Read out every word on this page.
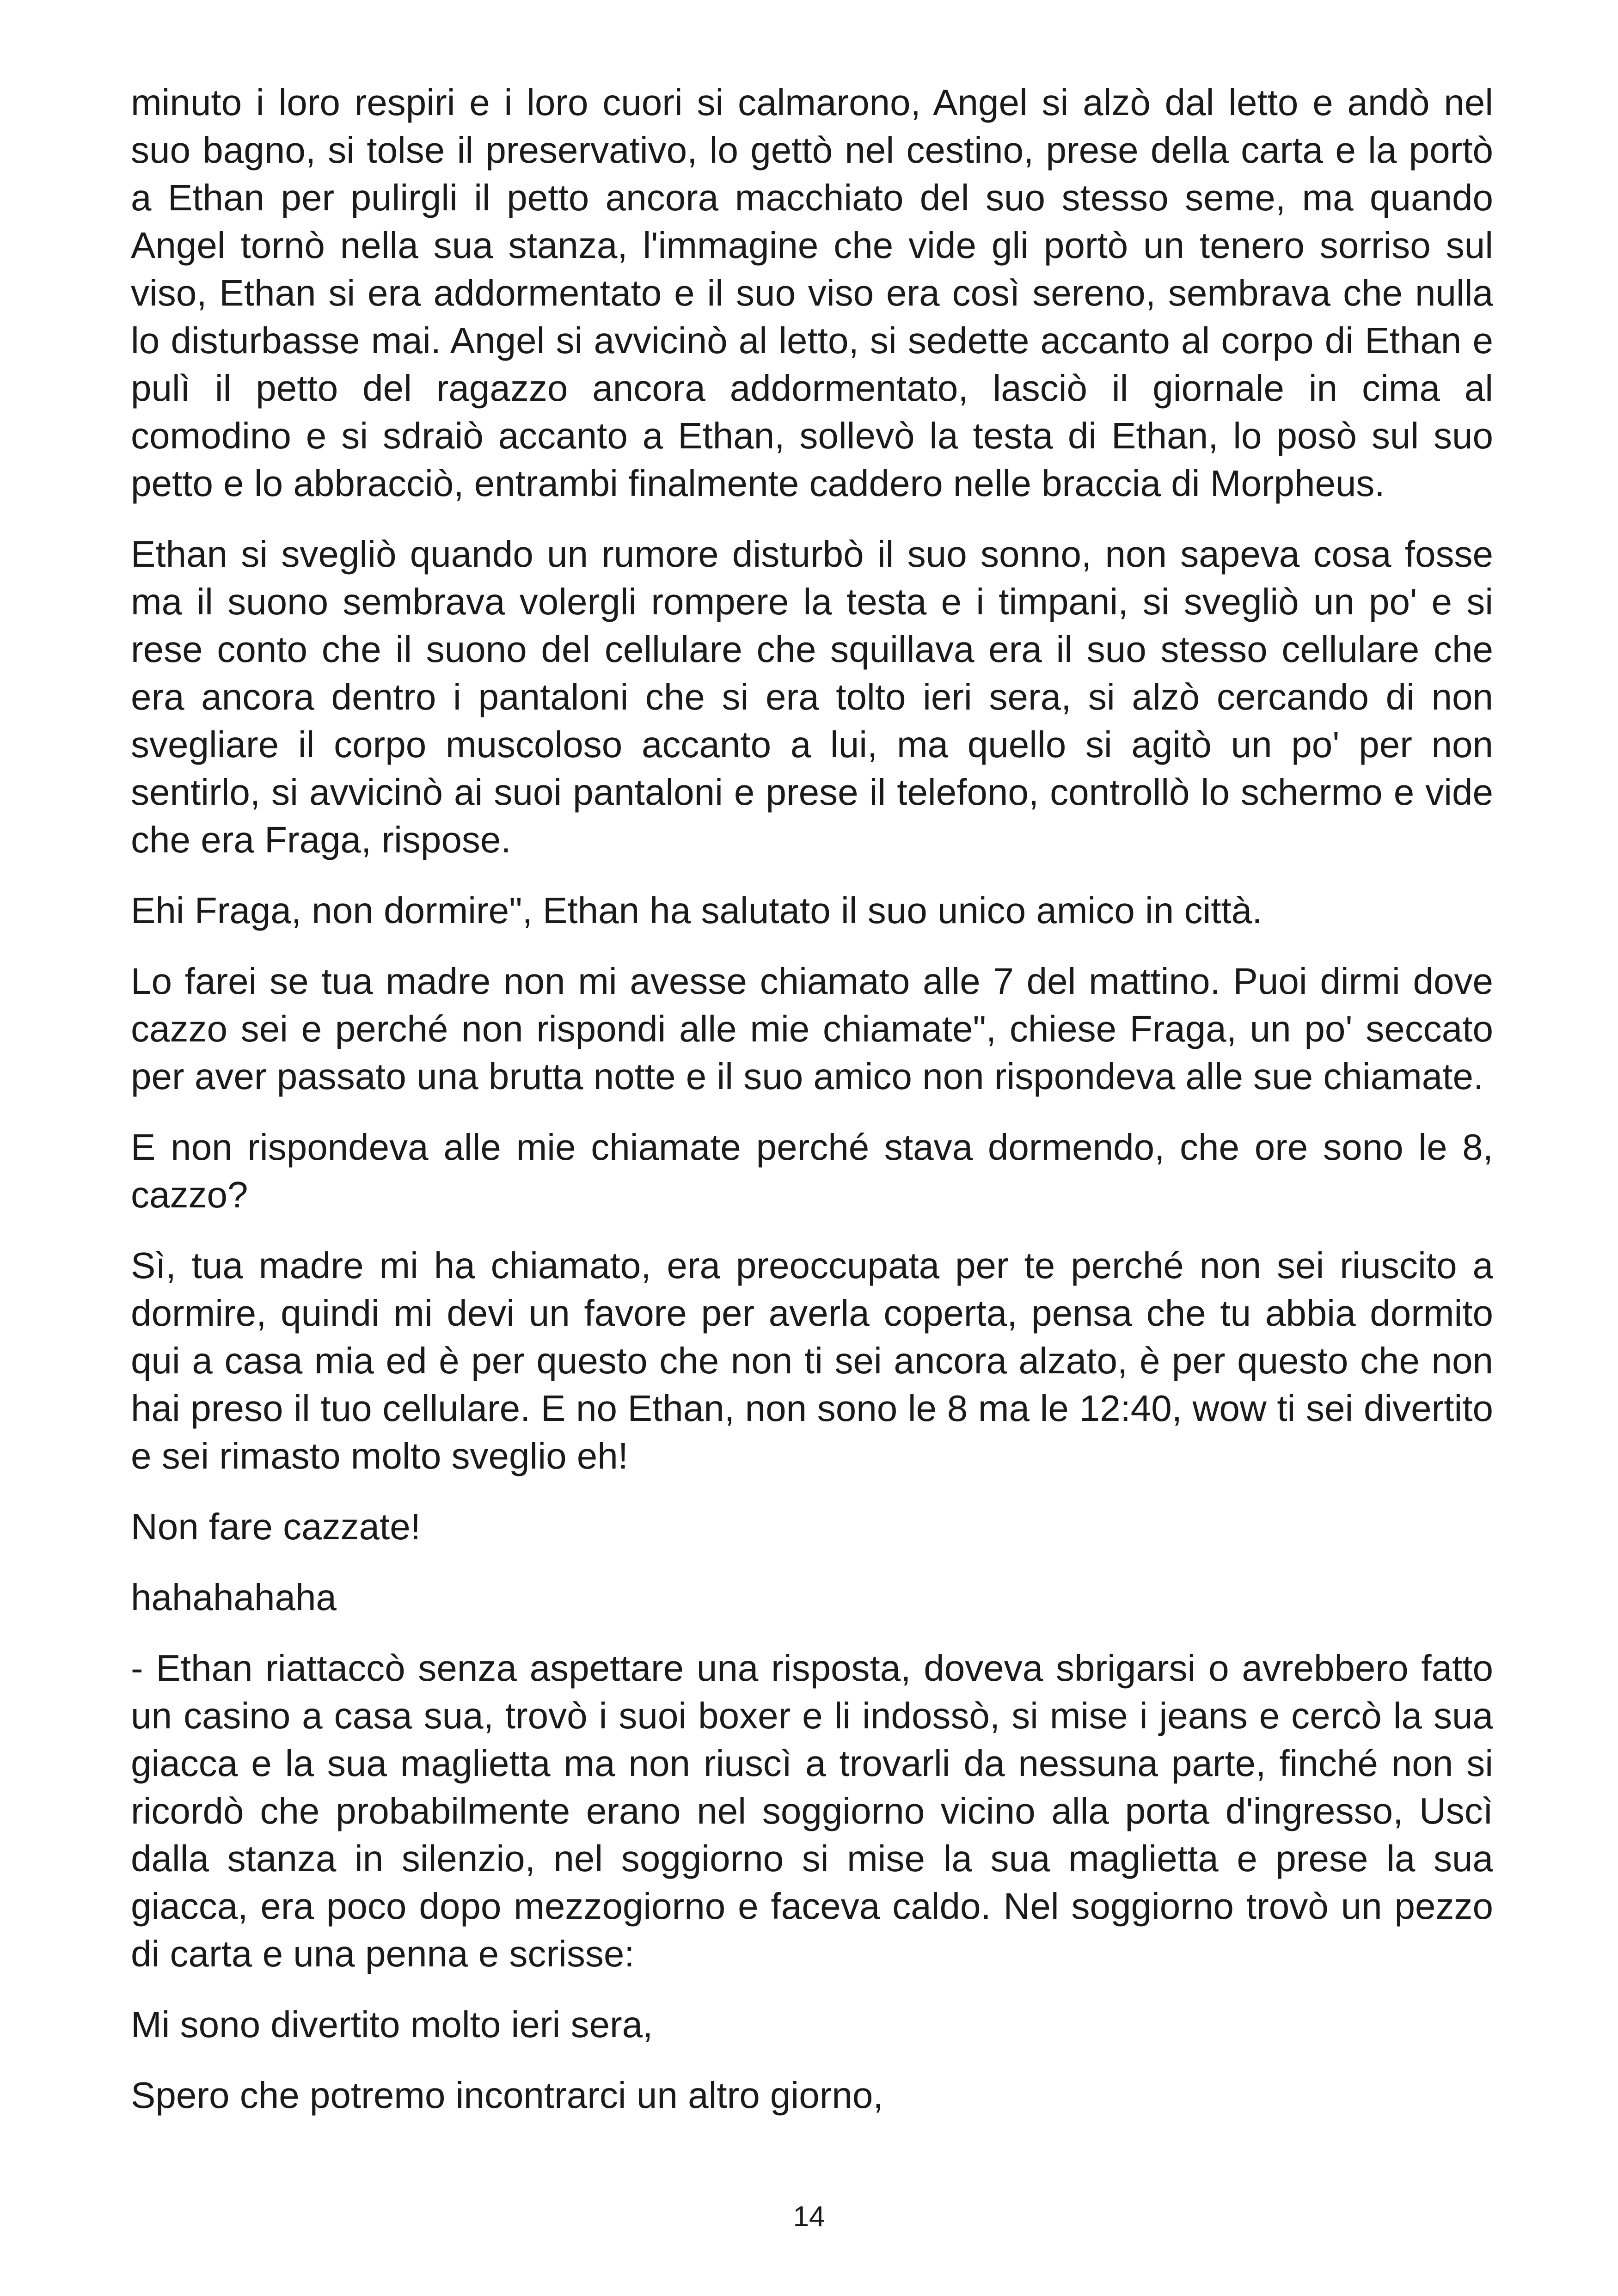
minuto i loro respiri e i loro cuori si calmarono, Angel si alzò dal letto e andò nel suo bagno, si tolse il preservativo, lo gettò nel cestino, prese della carta e la portò a Ethan per pulirgli il petto ancora macchiato del suo stesso seme, ma quando Angel tornò nella sua stanza, l'immagine che vide gli portò un tenero sorriso sul viso, Ethan si era addormentato e il suo viso era così sereno, sembrava che nulla lo disturbasse mai. Angel si avvicinò al letto, si sedette accanto al corpo di Ethan e pulì il petto del ragazzo ancora addormentato, lasciò il giornale in cima al comodino e si sdraiò accanto a Ethan, sollevò la testa di Ethan, lo posò sul suo petto e lo abbracciò, entrambi finalmente caddero nelle braccia di Morpheus.

Ethan si svegliò quando un rumore disturbò il suo sonno, non sapeva cosa fosse ma il suono sembrava volergli rompere la testa e i timpani, si svegliò un po' e si rese conto che il suono del cellulare che squillava era il suo stesso cellulare che era ancora dentro i pantaloni che si era tolto ieri sera, si alzò cercando di non svegliare il corpo muscoloso accanto a lui, ma quello si agitò un po' per non sentirlo, si avvicinò ai suoi pantaloni e prese il telefono, controllò lo schermo e vide che era Fraga, rispose.

Ehi Fraga, non dormire", Ethan ha salutato il suo unico amico in città.

Lo farei se tua madre non mi avesse chiamato alle 7 del mattino. Puoi dirmi dove cazzo sei e perché non rispondi alle mie chiamate", chiese Fraga, un po' seccato per aver passato una brutta notte e il suo amico non rispondeva alle sue chiamate.

E non rispondeva alle mie chiamate perché stava dormendo, che ore sono le 8, cazzo?

Sì, tua madre mi ha chiamato, era preoccupata per te perché non sei riuscito a dormire, quindi mi devi un favore per averla coperta, pensa che tu abbia dormito qui a casa mia ed è per questo che non ti sei ancora alzato, è per questo che non hai preso il tuo cellulare. E no Ethan, non sono le 8 ma le 12:40, wow ti sei divertito e sei rimasto molto sveglio eh!

Non fare cazzate!

hahahahaha

- Ethan riattaccò senza aspettare una risposta, doveva sbrigarsi o avrebbero fatto un casino a casa sua, trovò i suoi boxer e li indossò, si mise i jeans e cercò la sua giacca e la sua maglietta ma non riuscì a trovarli da nessuna parte, finché non si ricordò che probabilmente erano nel soggiorno vicino alla porta d'ingresso, Uscì dalla stanza in silenzio, nel soggiorno si mise la sua maglietta e prese la sua giacca, era poco dopo mezzogiorno e faceva caldo. Nel soggiorno trovò un pezzo di carta e una penna e scrisse:

Mi sono divertito molto ieri sera,

Spero che potremo incontrarci un altro giorno,

14
